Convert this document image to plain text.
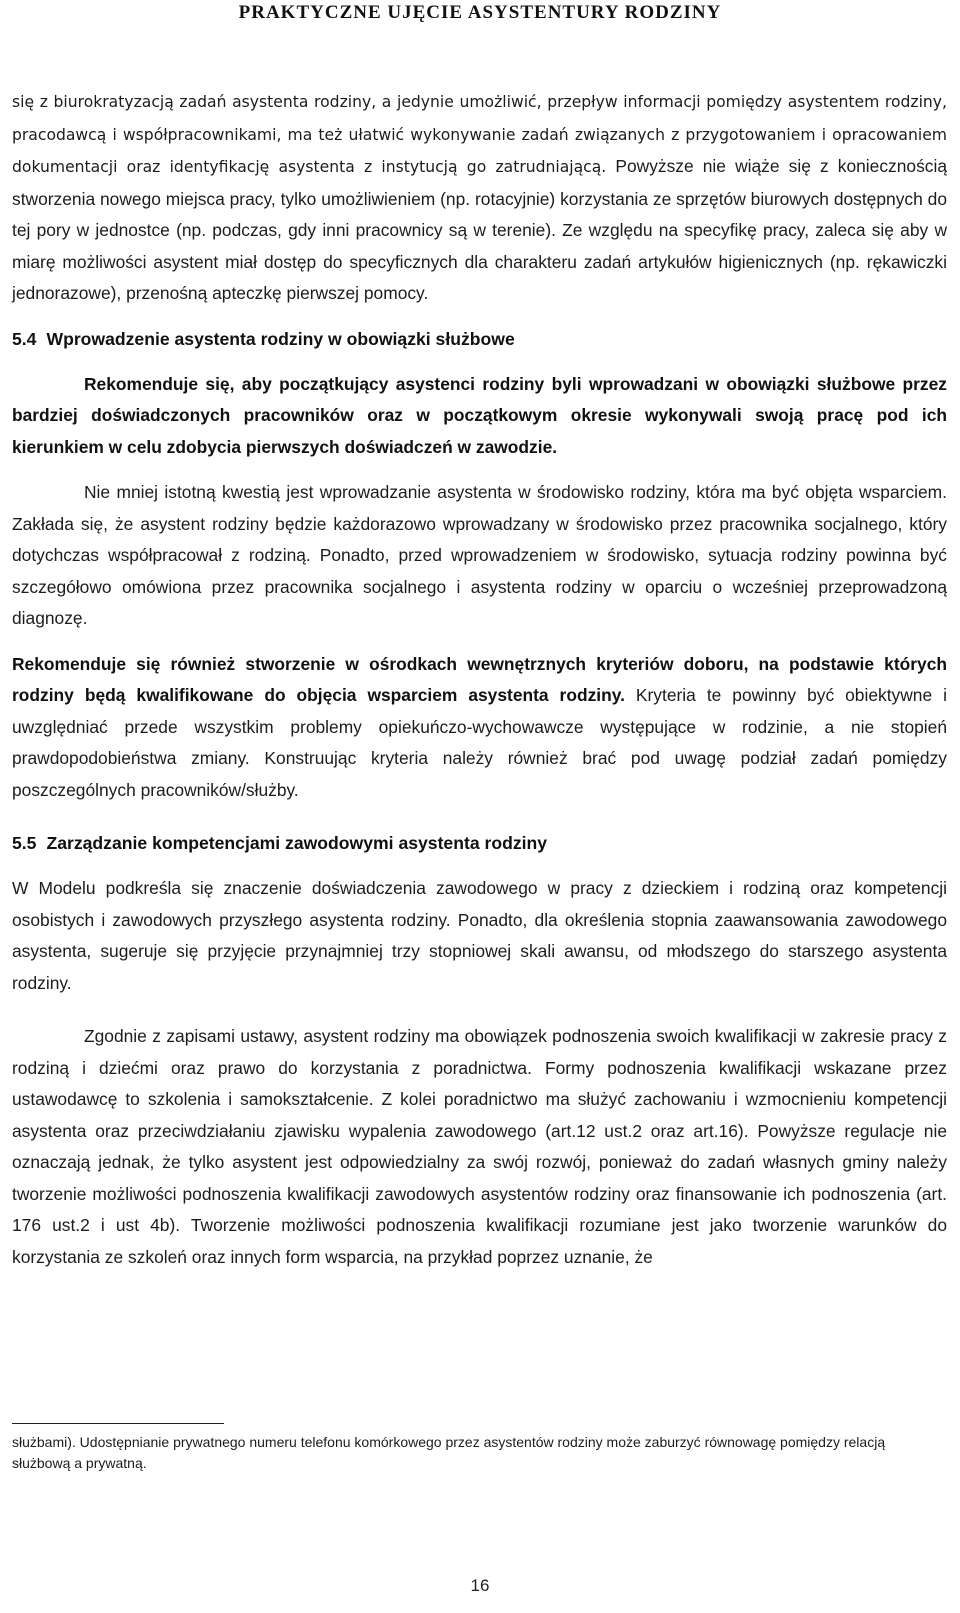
PRAKTYCZNE UJĘCIE ASYSTENTURY RODZINY

się z biurokratyzacją zadań asystenta rodziny, a jedynie umożliwić, przepływ informacji pomiędzy asystentem rodziny, pracodawcą i współpracownikami, ma też ułatwić wykonywanie zadań związanych z przygotowaniem i opracowaniem dokumentacji oraz identyfikację asystenta z instytucją go zatrudniającą. Powyższe nie wiąże się z koniecznością stworzenia nowego miejsca pracy, tylko umożliwieniem (np. rotacyjnie) korzystania ze sprzętów biurowych dostępnych do tej pory w jednostce (np. podczas, gdy inni pracownicy są w terenie). Ze względu na specyfikę pracy, zaleca się aby w miarę możliwości asystent miał dostęp do specyficznych dla charakteru zadań artykułów higienicznych (np. rękawiczki jednorazowe), przenośną apteczkę pierwszej pomocy.

5.4 Wprowadzenie asystenta rodziny w obowiązki służbowe

Rekomenduje się, aby początkujący asystenci rodziny byli wprowadzani w obowiązki służbowe przez bardziej doświadczonych pracowników oraz w początkowym okresie wykonywali swoją pracę pod ich kierunkiem w celu zdobycia pierwszych doświadczeń w zawodzie.

Nie mniej istotną kwestią jest wprowadzanie asystenta w środowisko rodziny, która ma być objęta wsparciem. Zakłada się, że asystent rodziny będzie każdorazowo wprowadzany w środowisko przez pracownika socjalnego, który dotychczas współpracował z rodziną. Ponadto, przed wprowadzeniem w środowisko, sytuacja rodziny powinna być szczegółowo omówiona przez pracownika socjalnego i asystenta rodziny w oparciu o wcześniej przeprowadzoną diagnozę.

Rekomenduje się również stworzenie w ośrodkach wewnętrznych kryteriów doboru, na podstawie których rodziny będą kwalifikowane do objęcia wsparciem asystenta rodziny. Kryteria te powinny być obiektywne i uwzględniać przede wszystkim problemy opiekuńczo-wychowawcze występujące w rodzinie, a nie stopień prawdopodobieństwa zmiany. Konstruując kryteria należy również brać pod uwagę podział zadań pomiędzy poszczególnych pracowników/służby.

5.5 Zarządzanie kompetencjami zawodowymi asystenta rodziny

W Modelu podkreśla się znaczenie doświadczenia zawodowego w pracy z dzieckiem i rodziną oraz kompetencji osobistych i zawodowych przyszłego asystenta rodziny. Ponadto, dla określenia stopnia zaawansowania zawodowego asystenta, sugeruje się przyjęcie przynajmniej trzy stopniowej skali awansu, od młodszego do starszego asystenta rodziny.

Zgodnie z zapisami ustawy, asystent rodziny ma obowiązek podnoszenia swoich kwalifikacji w zakresie pracy z rodziną i dziećmi oraz prawo do korzystania z poradnictwa. Formy podnoszenia kwalifikacji wskazane przez ustawodawcę to szkolenia i samokształcenie. Z kolei poradnictwo ma służyć zachowaniu i wzmocnieniu kompetencji asystenta oraz przeciwdziałaniu zjawisku wypalenia zawodowego (art.12 ust.2 oraz art.16). Powyższe regulacje nie oznaczają jednak, że tylko asystent jest odpowiedzialny za swój rozwój, ponieważ do zadań własnych gminy należy tworzenie możliwości podnoszenia kwalifikacji zawodowych asystentów rodziny oraz finansowanie ich podnoszenia (art. 176 ust.2 i ust 4b). Tworzenie możliwości podnoszenia kwalifikacji rozumiane jest jako tworzenie warunków do korzystania ze szkoleń oraz innych form wsparcia, na przykład poprzez uznanie, że

służbami). Udostępnianie prywatnego numeru telefonu komórkowego przez asystentów rodziny może zaburzyć równowagę pomiędzy relacją służbową a prywatną.
16
